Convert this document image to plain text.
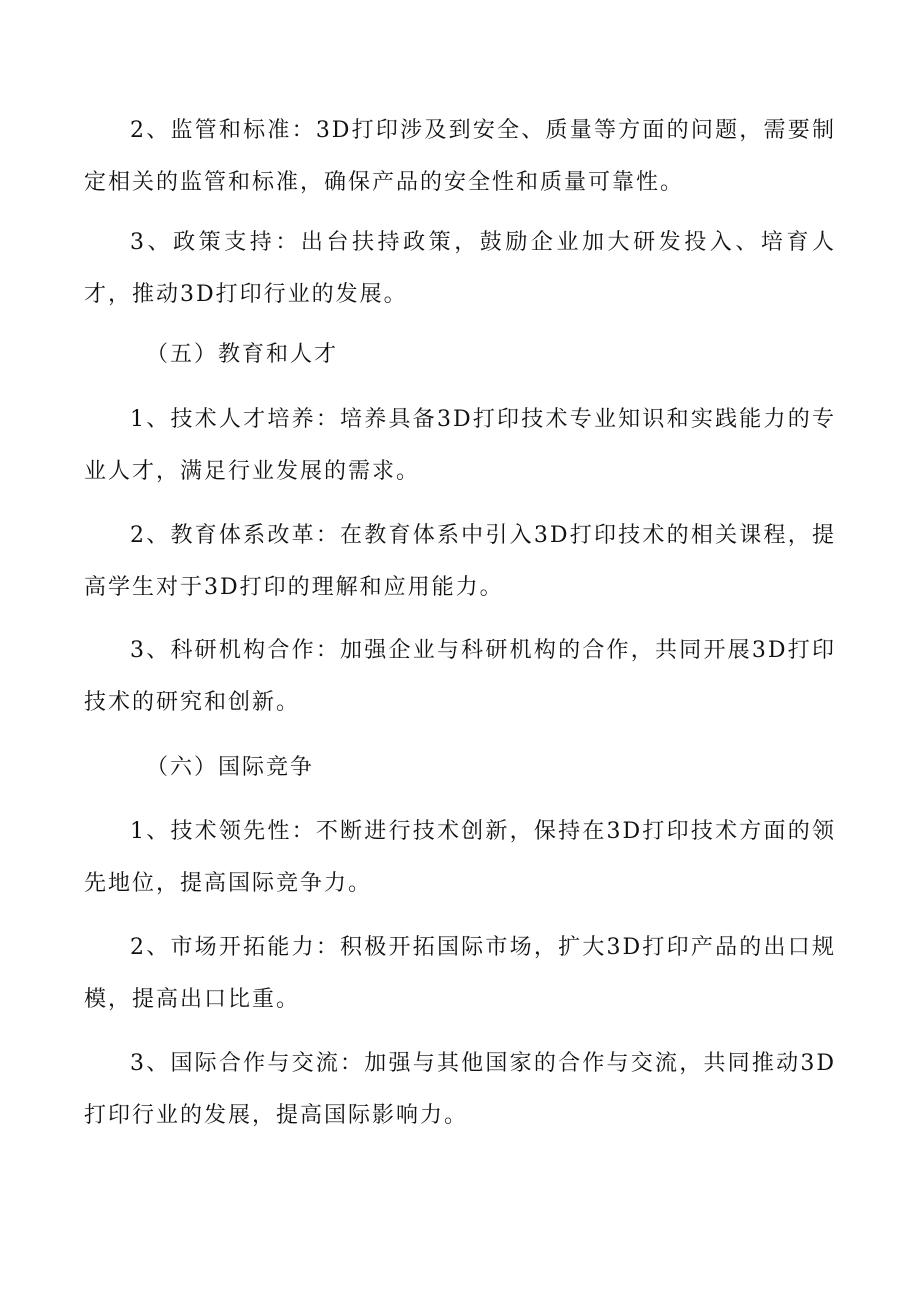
2、监管和标准：3D打印涉及到安全、质量等方面的问题，需要制定相关的监管和标准，确保产品的安全性和质量可靠性。

3、政策支持：出台扶持政策，鼓励企业加大研发投入、培育人才，推动3D打印行业的发展。

（五）教育和人才

1、技术人才培养：培养具备3D打印技术专业知识和实践能力的专业人才，满足行业发展的需求。

2、教育体系改革：在教育体系中引入3D打印技术的相关课程，提高学生对于3D打印的理解和应用能力。

3、科研机构合作：加强企业与科研机构的合作，共同开展3D打印技术的研究和创新。

（六）国际竞争

1、技术领先性：不断进行技术创新，保持在3D打印技术方面的领先地位，提高国际竞争力。

2、市场开拓能力：积极开拓国际市场，扩大3D打印产品的出口规模，提高出口比重。

3、国际合作与交流：加强与其他国家的合作与交流，共同推动3D打印行业的发展，提高国际影响力。
